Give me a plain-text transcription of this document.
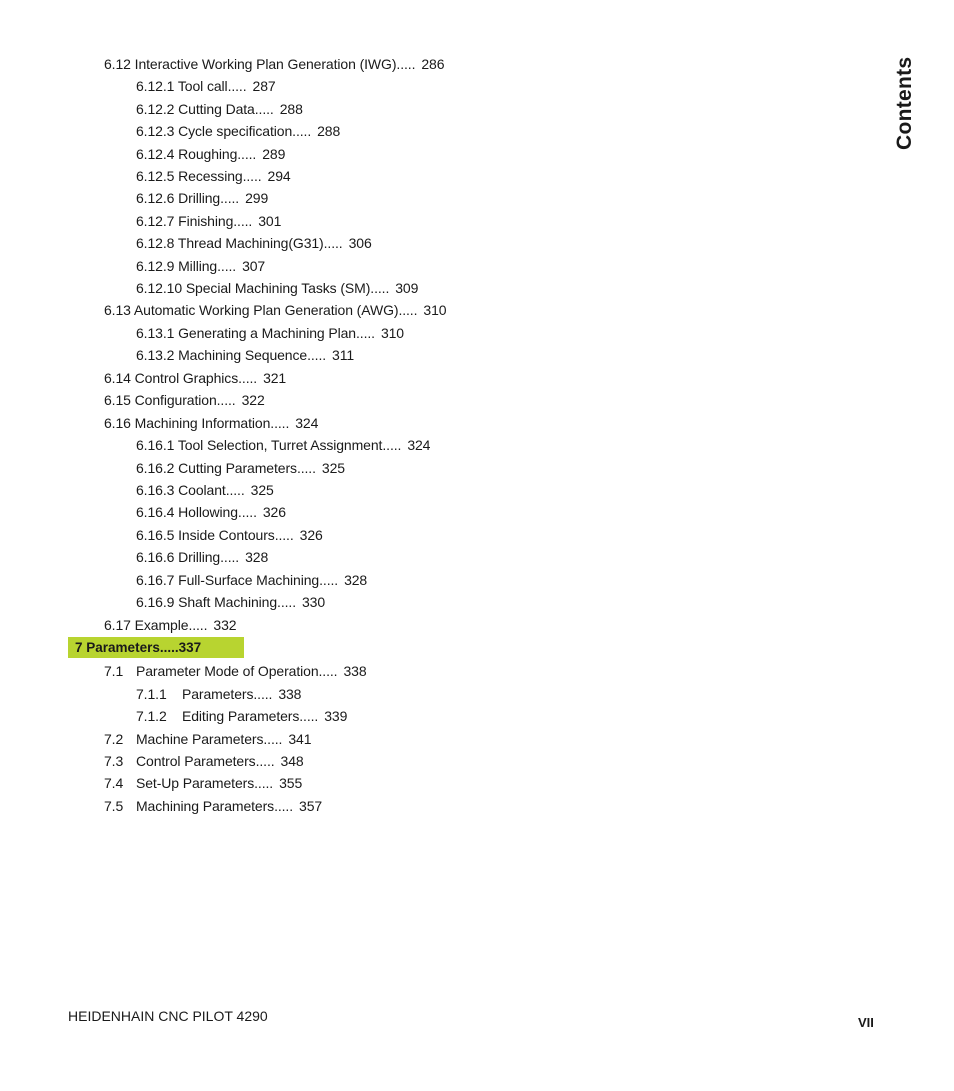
Contents
6.12 Interactive Working Plan Generation (IWG)..... 286
6.12.1 Tool call..... 287
6.12.2 Cutting Data..... 288
6.12.3 Cycle specification..... 288
6.12.4 Roughing..... 289
6.12.5 Recessing..... 294
6.12.6 Drilling..... 299
6.12.7 Finishing..... 301
6.12.8 Thread Machining(G31)..... 306
6.12.9 Milling..... 307
6.12.10 Special Machining Tasks (SM)..... 309
6.13 Automatic Working Plan Generation (AWG)..... 310
6.13.1 Generating a Machining Plan..... 310
6.13.2 Machining Sequence..... 311
6.14 Control Graphics..... 321
6.15 Configuration..... 322
6.16 Machining Information..... 324
6.16.1 Tool Selection, Turret Assignment..... 324
6.16.2 Cutting Parameters..... 325
6.16.3 Coolant..... 325
6.16.4 Hollowing..... 326
6.16.5 Inside Contours..... 326
6.16.6 Drilling..... 328
6.16.7 Full-Surface Machining..... 328
6.16.9 Shaft Machining..... 330
6.17 Example..... 332
7 Parameters.....337
7.1 Parameter Mode of Operation..... 338
7.1.1 Parameters..... 338
7.1.2 Editing Parameters..... 339
7.2 Machine Parameters..... 341
7.3 Control Parameters..... 348
7.4 Set-Up Parameters..... 355
7.5 Machining Parameters..... 357
HEIDENHAIN CNC PILOT 4290	VII
